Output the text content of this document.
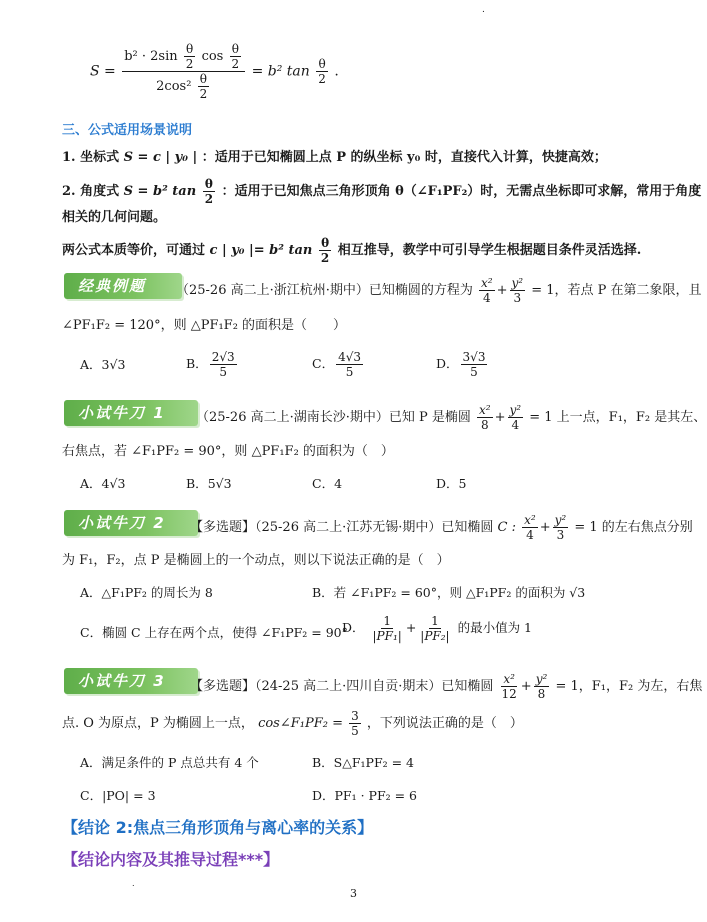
.
$S = \frac{b^2 \cdot 2\sin \frac{\theta}{2} \cos \frac{\theta}{2}}{2\cos^2 \frac{\theta}{2}} = b^2$ $\tan \frac{\theta}{2}$ .
三、公式适用场景说明
1. 坐标式 S = c | y₀ | ：适用于已知椭圆上点 P 的纵坐标 y₀ 时，直接代入计算，快捷高效；
2. 角度式 S = b² $\tan \frac{\theta}{2}$ ：适用于已知焦点三角形顶角 θ（∠F₁PF₂）时，无需点坐标即可求解，常用于角度
相关的几何问题。
两公式本质等价，可通过 c | y₀ |= b² $\tan \frac{\theta}{2}$ 相互推导，教学中可引导学生根据题目条件灵活选择.
经典例题	（25-26 高二上·浙江杭州·期中）已知椭圆的方程为 $\frac{\text{x²}}{4} + \frac{\text{y²}}{3} = 1$，若点 P 在第二象限，且
∠PF₁F₂ = 120°，则 △PF₁F₂ 的面积是（　　）
A．3√3	B． $\frac{2√3}{5}$	C． $\frac{4√3}{5}$	D． $\frac{3√3}{5}$
小试牛刀 1	（25-26 高二上·湖南长沙·期中）已知 P 是椭圆 $\frac{\text{x²}}{8} + \frac{\text{y²}}{4} = 1$ 上一点，F₁，F₂ 是其左、
右焦点，若 ∠F₁PF₂ = 90°，则 △PF₁F₂ 的面积为（　）
A．4√3	B．5√3	C．4	D．5
小试牛刀 2	【多选题】（25-26 高二上·江苏无锡·期中）已知椭圆 C : $\frac{\text{x²}}{4} + \frac{\text{y²}}{3} = 1$ 的左右焦点分别
为 F₁，F₂，点 P 是椭圆上的一个动点，则以下说法正确的是（　）
A．△F₁PF₂ 的周长为 8	B．若 ∠F₁PF₂ = 60°，则 △F₁PF₂ 的面积为 √3
C．椭圆 C 上存在两个点，使得 ∠F₁PF₂ = 90°
D． $\frac{1}{\text{|PF₁|}} + \frac{1}{\text{|PF₂|}}$ 的最小值为 1
小试牛刀 3	【多选题】（24-25 高二上·四川自贡·期末）已知椭圆 $\frac{\text{x²}}{12} + \frac{\text{y²}}{8} = 1$，F₁，F₂ 为左，右焦
点. O 为原点，P 为椭圆上一点， cos∠F₁PF₂ = $\frac{3}{5}$ ，下列说法正确的是（　）
A．满足条件的 P 点总共有 4 个	B．S△F₁PF₂ = 4
C．|PO| = 3	D．PF₁ · PF₂ = 6
【结论 2:焦点三角形顶角与离心率的关系】
【结论内容及其推导过程***】
.
3
